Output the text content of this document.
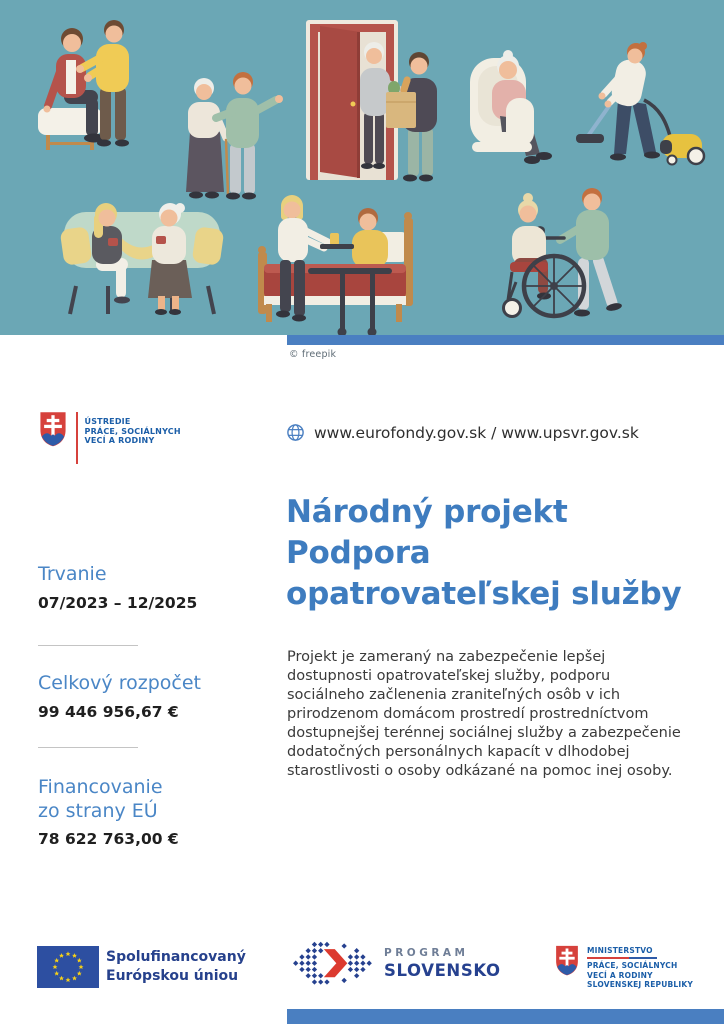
© freepik
ÚSTREDIE
PRÁCE, SOCIÁLNYCH
VECÍ A RODINY	www.eurofondy.gov.sk / www.upsvr.gov.sk
Trvanie
07/2023 – 12/2025
Celkový rozpočet
99 446 956,67 €
Financovanie
zo strany EÚ
78 622 763,00 €
Národný projekt
Podpora
opatrovateľskej služby

Projekt je zameraný na zabezpečenie lepšej dostupnosti opatrovateľskej služby, podporu sociálneho začlenenia zraniteľných osôb v ich prirodzenom domácom prostredí prostredníctvom dostupnejšej terénnej sociálnej služby a zabezpečenie dodatočných personálnych kapacít v dlhodobej starostlivosti o osoby odkázané na pomoc inej osoby.

Spolufinancovaný
Európskou úniou
PROGRAM
SLOVENSKO
MINISTERSTVO
PRÁCE, SOCIÁLNYCH
VECÍ A RODINY
SLOVENSKEJ REPUBLIKY
